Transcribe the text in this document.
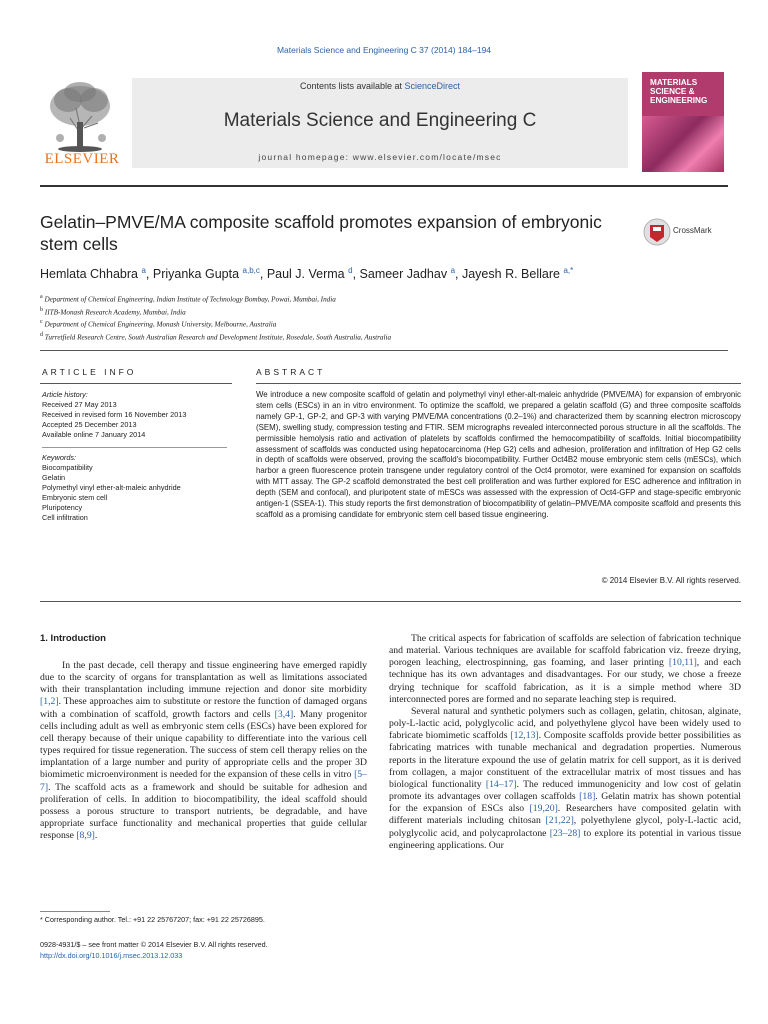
Materials Science and Engineering C 37 (2014) 184–194
ELSEVIER
Contents lists available at ScienceDirect
Materials Science and Engineering C
journal homepage: www.elsevier.com/locate/msec
MATERIALS SCIENCE & ENGINEERING
Gelatin–PMVE/MA composite scaffold promotes expansion of embryonic stem cells
CrossMark
Hemlata Chhabra $^a$, Priyanka Gupta $^{a,b,c}$, Paul J. Verma $^d$, Sameer Jadhav $^a$, Jayesh R. Bellare $^{a,*}$
$^a$ Department of Chemical Engineering, Indian Institute of Technology Bombay, Powai, Mumbai, India
$^b$ IITB-Monash Research Academy, Mumbai, India
$^c$ Department of Chemical Engineering, Monash University, Melbourne, Australia
$^d$ Turretfield Research Centre, South Australian Research and Development Institute, Rosedale, South Australia, Australia
ARTICLE INFO	ABSTRACT
Article history:
Received 27 May 2013
Received in revised form 16 November 2013
Accepted 25 December 2013
Available online 7 January 2014
Keywords:
Biocompatibility
Gelatin
Polymethyl vinyl ether-alt-maleic anhydride
Embryonic stem cell
Pluripotency
Cell infiltration
We introduce a new composite scaffold of gelatin and polymethyl vinyl ether-alt-maleic anhydride (PMVE/MA) for expansion of embryonic stem cells (ESCs) in an in vitro environment. To optimize the scaffold, we prepared a gelatin scaffold (G) and three composite scaffolds namely GP-1, GP-2, and GP-3 with varying PMVE/MA concentrations (0.2–1%) and characterized them by scanning electron microscopy (SEM), swelling study, compression testing and FTIR. SEM micrographs revealed interconnected porous structure in all the scaffolds. The permissible hemolysis ratio and activation of platelets by scaffolds confirmed the hemocompatibility of scaffolds. Initial biocompatibility assessment of scaffolds was conducted using hepatocarcinoma (Hep G2) cells and adhesion, proliferation and infiltration of Hep G2 cells in depth of scaffolds were observed, proving the scaffold's biocompatibility. Further Oct4B2 mouse embryonic stem cells (mESCs), which harbor a green fluorescence protein transgene under regulatory control of the Oct4 promotor, were examined for expansion on scaffolds with MTT assay. The GP-2 scaffold demonstrated the best cell proliferation and was further explored for ESC adherence and infiltration in depth (SEM and confocal), and pluripotent state of mESCs was assessed with the expression of Oct4-GFP and stage-specific embryonic antigen-1 (SSEA-1). This study reports the first demonstration of biocompatibility of gelatin–PMVE/MA composite scaffold and presents this scaffold as a promising candidate for embryonic stem cell based tissue engineering.
© 2014 Elsevier B.V. All rights reserved.
1. Introduction

In the past decade, cell therapy and tissue engineering have emerged rapidly due to the scarcity of organs for transplantation as well as limitations associated with their transplantation including immune rejection and donor site morbidity [1,2]. These approaches aim to substitute or restore the function of damaged organs with a combination of scaffold, growth factors and cells [3,4]. Many progenitor cells including adult as well as embryonic stem cells (ESCs) have been explored for cell therapy because of their unique capability to differentiate into the various cell types required for tissue regeneration. The success of stem cell therapy relies on the implantation of a large number and purity of appropriate cells and the proper 3D biomimetic microenvironment is needed for the expansion of these cells in vitro [5–7]. The scaffold acts as a framework and should be suitable for adhesion and proliferation of cells. In addition to biocompatibility, the ideal scaffold should possess a porous structure to transport nutrients, be degradable, and have appropriate surface functionality and mechanical properties that guide cellular response [8,9].

The critical aspects for fabrication of scaffolds are selection of fabrication technique and material. Various techniques are available for scaffold fabrication viz. freeze drying, porogen leaching, electrospinning, gas foaming, and laser printing [10,11], and each technique has its own advantages and disadvantages. For our study, we chose a freeze drying technique for scaffold fabrication, as it is a simple method where 3D interconnected pores are formed and no separate leaching step is required.

Several natural and synthetic polymers such as collagen, gelatin, chitosan, alginate, poly-L-lactic acid, polyglycolic acid, and polyethylene glycol have been widely used to fabricate biomimetic scaffolds [12,13]. Composite scaffolds provide better possibilities as fabricating matrices with tunable mechanical and degradation properties. Numerous reports in the literature expound the use of gelatin matrix for cell support, as it is derived from collagen, a major constituent of the extracellular matrix of most tissues and has biological functionality [14–17]. The reduced immunogenicity and low cost of gelatin promote its advantages over collagen scaffolds [18]. Gelatin matrix has shown potential for the expansion of ESCs also [19,20]. Researchers have composited gelatin with different materials including chitosan [21,22], polyethylene glycol, poly-L-lactic acid, polyglycolic acid, and polycaprolactone [23–28] to explore its potential in various tissue engineering applications. Our

* Corresponding author. Tel.: +91 22 25767207; fax: +91 22 25726895.
0928-4931/$ – see front matter © 2014 Elsevier B.V. All rights reserved.
http://dx.doi.org/10.1016/j.msec.2013.12.033
